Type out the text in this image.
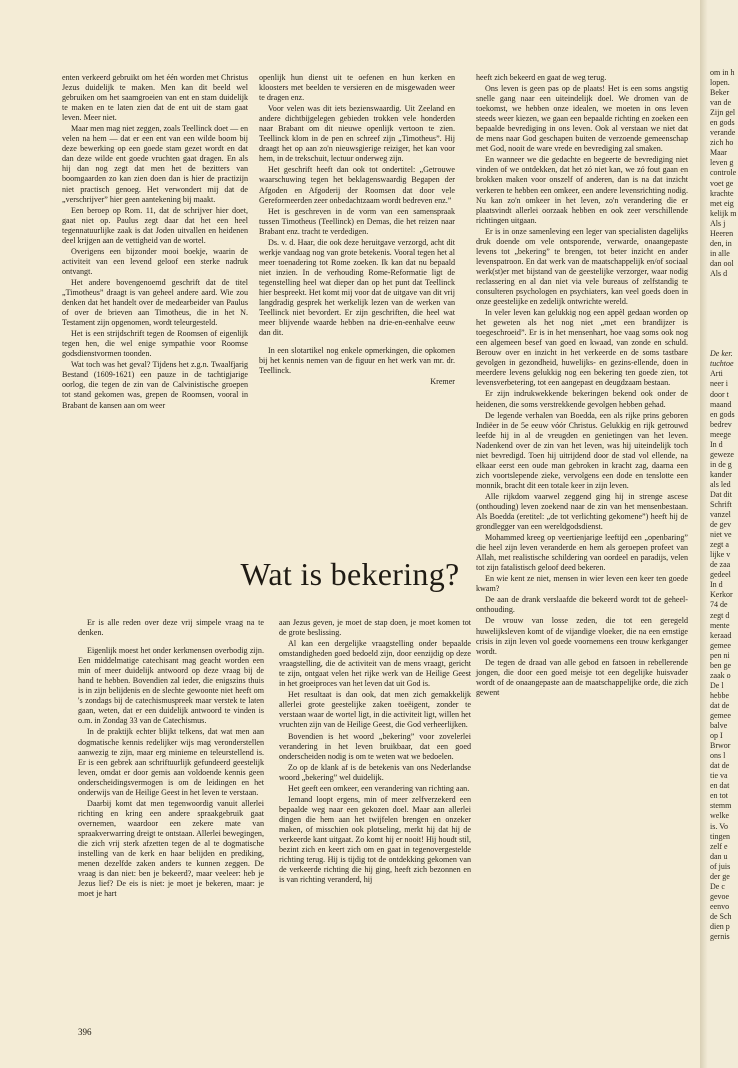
enten verkeerd gebruikt om het één worden met Christus Jezus duidelijk te maken. Men kan dit beeld wel gebruiken om het saamgroeien van ent en stam duidelijk te maken en te laten zien dat de ent uit de stam gaat leven. Meer niet.

Maar men mag niet zeggen, zoals Teellinck doet — en velen na hem — dat er een ent van een wilde boom bij deze bewerking op een goede stam gezet wordt en dat dan deze wilde ent goede vruchten gaat dragen. En als hij dan nog zegt dat men het de bezitters van boomgaarden zo kan zien doen dan is hier de practizijn niet practisch genoeg. Het verwondert mij dat de „verschrijver” hier geen aantekening bij maakt.

Een beroep op Rom. 11, dat de schrijver hier doet, gaat niet op. Paulus zegt daar dat het een heel tegennatuurlijke zaak is dat Joden uitvallen en heidenen deel krijgen aan de vettigheid van de wortel.

Overigens een bijzonder mooi boekje, waarin de activiteit van een levend geloof een sterke nadruk ontvangt.

Het andere bovengenoemd geschrift dat de titel „Timotheus” draagt is van geheel andere aard. Wie zou denken dat het handelt over de medearbeider van Paulus of over de brieven aan Timotheus, die in het N. Testament zijn opgenomen, wordt teleurgesteld.

Het is een strijdschrift tegen de Roomsen of eigenlijk tegen hen, die wel enige sympathie voor Roomse godsdienstvormen toonden.

Wat toch was het geval? Tijdens het z.g.n. Twaalfjarig Bestand (1609-1621) een pauze in de tachtigjarige oorlog, die tegen de zin van de Calvinistische groepen tot stand gekomen was, grepen de Roomsen, vooral in Brabant de kansen aan om weer

openlijk hun dienst uit te oefenen en hun kerken en kloosters met beelden te versieren en de misgewaden weer te dragen enz.

Voor velen was dit iets bezienswaardig. Uit Zeeland en andere dichtbijgelegen gebieden trokken vele honderden naar Brabant om dit nieuwe openlijk vertoon te zien. Teellinck klom in de pen en schreef zijn „Timotheus”. Hij draagt het op aan zo'n nieuwsgierige reiziger, het kan voor hem, in de trekschuit, lectuur onderweg zijn.

Het geschrift heeft dan ook tot ondertitel: „Getrouwe waarschuwing tegen het beklagenswaardig Begapen der Afgoden en Afgoderij der Roomsen dat door vele Gereformeerden zeer onbedachtzaam wordt bedreven enz.”

Het is geschreven in de vorm van een samenspraak tussen Timotheus (Teellinck) en Demas, die het reizen naar Brabant enz. tracht te verdedigen.

Ds. v. d. Haar, die ook deze heruitgave verzorgd, acht dit werkje vandaag nog van grote betekenis. Vooral tegen het al meer toenadering tot Rome zoeken. Ik kan dat nu bepaald niet inzien. In de verhouding Rome-Reformatie ligt de tegenstelling heel wat dieper dan op het punt dat Teellinck hier bespreekt. Het komt mij voor dat de uitgave van dit vrij langdradig gesprek het werkelijk lezen van de werken van Teellinck niet bevordert. Er zijn geschriften, die heel wat meer blijvende waarde hebben na drie-en-eenhalve eeuw dan dit.

In een slotartikel nog enkele opmerkingen, die opkomen bij het kennis nemen van de figuur en het werk van mr. dr. Teellinck.

Kremer

Wat is bekering?

Er is alle reden over deze vrij simpele vraag na te denken.

Eigenlijk moest het onder kerkmensen overbodig zijn. Een middelmatige catechisant mag geacht worden een min of meer duidelijk antwoord op deze vraag bij de hand te hebben. Bovendien zal ieder, die enigszins thuis is in zijn belijdenis en de slechte gewoonte niet heeft om 's zondags bij de catechismuspreek maar verstek te laten gaan, weten, dat er een duidelijk antwoord te vinden is o.m. in Zondag 33 van de Catechismus.

In de praktijk echter blijkt telkens, dat wat men aan dogmatische kennis redelijker wijs mag veronderstellen aanwezig te zijn, maar erg minieme en teleurstellend is. Er is een gebrek aan schriftuurlijk gefundeerd geestelijk leven, omdat er door gemis aan voldoende kennis geen onderscheidingsvermogen is om de leidingen en het onderwijs van de Heilige Geest in het leven te verstaan.

Daarbij komt dat men tegenwoordig vanuit allerlei richting en kring een andere spraakgebruik gaat overnemen, waardoor een zekere mate van spraakverwarring dreigt te ontstaan. Allerlei bewegingen, die zich vrij sterk afzetten tegen de al te dogmatische instelling van de kerk en haar belijden en prediking, menen dezelfde zaken anders te kunnen zeggen. De vraag is dan niet: ben je bekeerd?, maar veeleer: heb je Jezus lief? De eis is niet: je moet je bekeren, maar: je moet je hart

aan Jezus geven, je moet de stap doen, je moet komen tot de grote beslissing.

Al kan een dergelijke vraagstelling onder bepaalde omstandigheden goed bedoeld zijn, door eenzijdig op deze vraagstelling, die de activiteit van de mens vraagt, gericht te zijn, ontgaat velen het rijke werk van de Heilige Geest in het groeiproces van het leven dat uit God is.

Het resultaat is dan ook, dat men zich gemakkelijk allerlei grote geestelijke zaken toeëigent, zonder te verstaan waar de wortel ligt, in die activiteit ligt, willen het vruchten zijn van de Heilige Geest, die God verheerlijken.

Bovendien is het woord „bekering” voor zovelerlei verandering in het leven bruikbaar, dat een goed onderscheiden nodig is om te weten wat we bedoelen.

Zo op de klank af is de betekenis van ons Nederlandse woord „bekering” wel duidelijk.

Het geeft een omkeer, een verandering van richting aan.

Iemand loopt ergens, min of meer zelfverzekerd een bepaalde weg naar een gekozen doel. Maar aan allerlei dingen die hem aan het twijfelen brengen en onzeker maken, of misschien ook plotseling, merkt hij dat hij de verkeerde kant uitgaat. Zo komt hij er nooit! Hij houdt stil, bezint zich en keert zich om en gaat in tegenovergestelde richting terug. Hij is tijdig tot de ontdekking gekomen van de verkeerde richting die hij ging, heeft zich bezonnen en is van richting veranderd, hij

heeft zich bekeerd en gaat de weg terug.

Ons leven is geen pas op de plaats! Het is een soms angstig snelle gang naar een uiteindelijk doel. We dromen van de toekomst, we hebben onze idealen, we moeten in ons leven steeds weer kiezen, we gaan een bepaalde richting en zoeken een bepaalde bevrediging in ons leven. Ook al verstaan we niet dat de mens naar God geschapen buiten de verzoende gemeenschap met God, nooit de ware vrede en bevrediging zal smaken.

En wanneer we die gedachte en begeerte de bevrediging niet vinden of we ontdekken, dat het zó niet kan, we zó fout gaan en brokken maken voor onszelf of anderen, dan is na dat inzicht verkeren te hebben een omkeer, een andere levensrichting nodig. Nu kan zo'n omkeer in het leven, zo'n verandering die er plaatsvindt allerlei oorzaak hebben en ook zeer verschillende richtingen uitgaan.

Er is in onze samenleving een leger van specialisten dagelijks druk doende om vele ontsporende, verwarde, onaangepaste levens tot „bekering” te brengen, tot beter inzicht en ander levenspatroon. En dat werk van de maatschappelijk en/of sociaal werk(st)er met bijstand van de geestelijke verzorger, waar nodig reclassering en al dan niet via vele bureaus of zelfstandig te consulteren psychologen en psychiaters, kan veel goeds doen in onze geestelijke en zedelijk ontwrichte wereld.

In veler leven kan gelukkig nog een appèl gedaan worden op het geweten als het nog niet „met een brandijzer is toegeschroeid”. Er is in het mensenhart, hoe vaag soms ook nog een algemeen besef van goed en kwaad, van zonde en schuld. Berouw over en inzicht in het verkeerde en de soms tastbare gevolgen in gezondheid, huwelijks- en gezins-ellende, doen in meerdere levens gelukkig nog een bekering ten goede zien, tot levensverbetering, tot een aangepast en deugdzaam bestaan.

Er zijn indrukwekkende bekeringen bekend ook onder de heidenen, die soms verstrekkende gevolgen hebben gehad.

De legende verhalen van Boedda, een als rijke prins geboren Indiëer in de 5e eeuw vóór Christus. Gelukkig en rijk getrouwd leefde hij in al de vreugden en genietingen van het leven. Nadenkend over de zin van het leven, was hij uiteindelijk toch niet bevredigd. Toen hij uitrijdend door de stad vol ellende, na elkaar eerst een oude man gebroken in kracht zag, daarna een zich voortslepende zieke, vervolgens een dode en tenslotte een monnik, bracht dit een totale keer in zijn leven.

Alle rijkdom vaarwel zeggend ging hij in strenge ascese (onthouding) leven zoekend naar de zin van het mensenbestaan. Als Boedda (eretitel: „de tot verlichting gekomene”) heeft hij de grondlegger van een wereldgodsdienst.

Mohammed kreeg op veertienjarige leeftijd een „openbaring” die heel zijn leven veranderde en hem als geroepen profeet van Allah, met realistische schildering van oordeel en paradijs, velen tot zijn fatalistisch geloof deed bekeren.

En wie kent ze niet, mensen in wier leven een keer ten goede kwam?

De aan de drank verslaafde die bekeerd wordt tot de geheel-onthouding.

De vrouw van losse zeden, die tot een geregeld huwelijksleven komt of de vijandige vloeker, die na een ernstige crisis in zijn leven vol goede voornemens een trouw kerkganger wordt.

De tegen de draad van alle gebod en fatsoen in rebellerende jongen, die door een goed meisje tot een degelijke huisvader wordt of de onaangepaste aan de maatschappelijke orde, die zich gewent

396
om in h
lopen.
Beker
van de
Zijn gel
en gods
verande
zich ho
Maar
leven g
controle
voet ge
krachte
met eig
kelijk m
Als j
Heeren
den, in
in alle
dan ool
Als d
De ker.
tuchtoe
Arti
neer i
door t
maand
en gods
bedrev
meege
In d
geweze
in de g
kander
als led
Dat dit
Schrift
vanzel
de gev
niet ve
zegt a
lijke v
de zaa
gedeel
In d
Kerkor
74 de
zegt d
mente
keraad
gemee
pen ni
ben ge
zaak o
De l
hebbe
dat de
gemee
balve
op I
Brwor
ons l
dat de
tie va
en dat
en tot
stemm
welke
is. Vo
tingen
zelf e
dan u
of juis
der ge
De c
gevoe
eenvo
de Sch
dien p
gernis
